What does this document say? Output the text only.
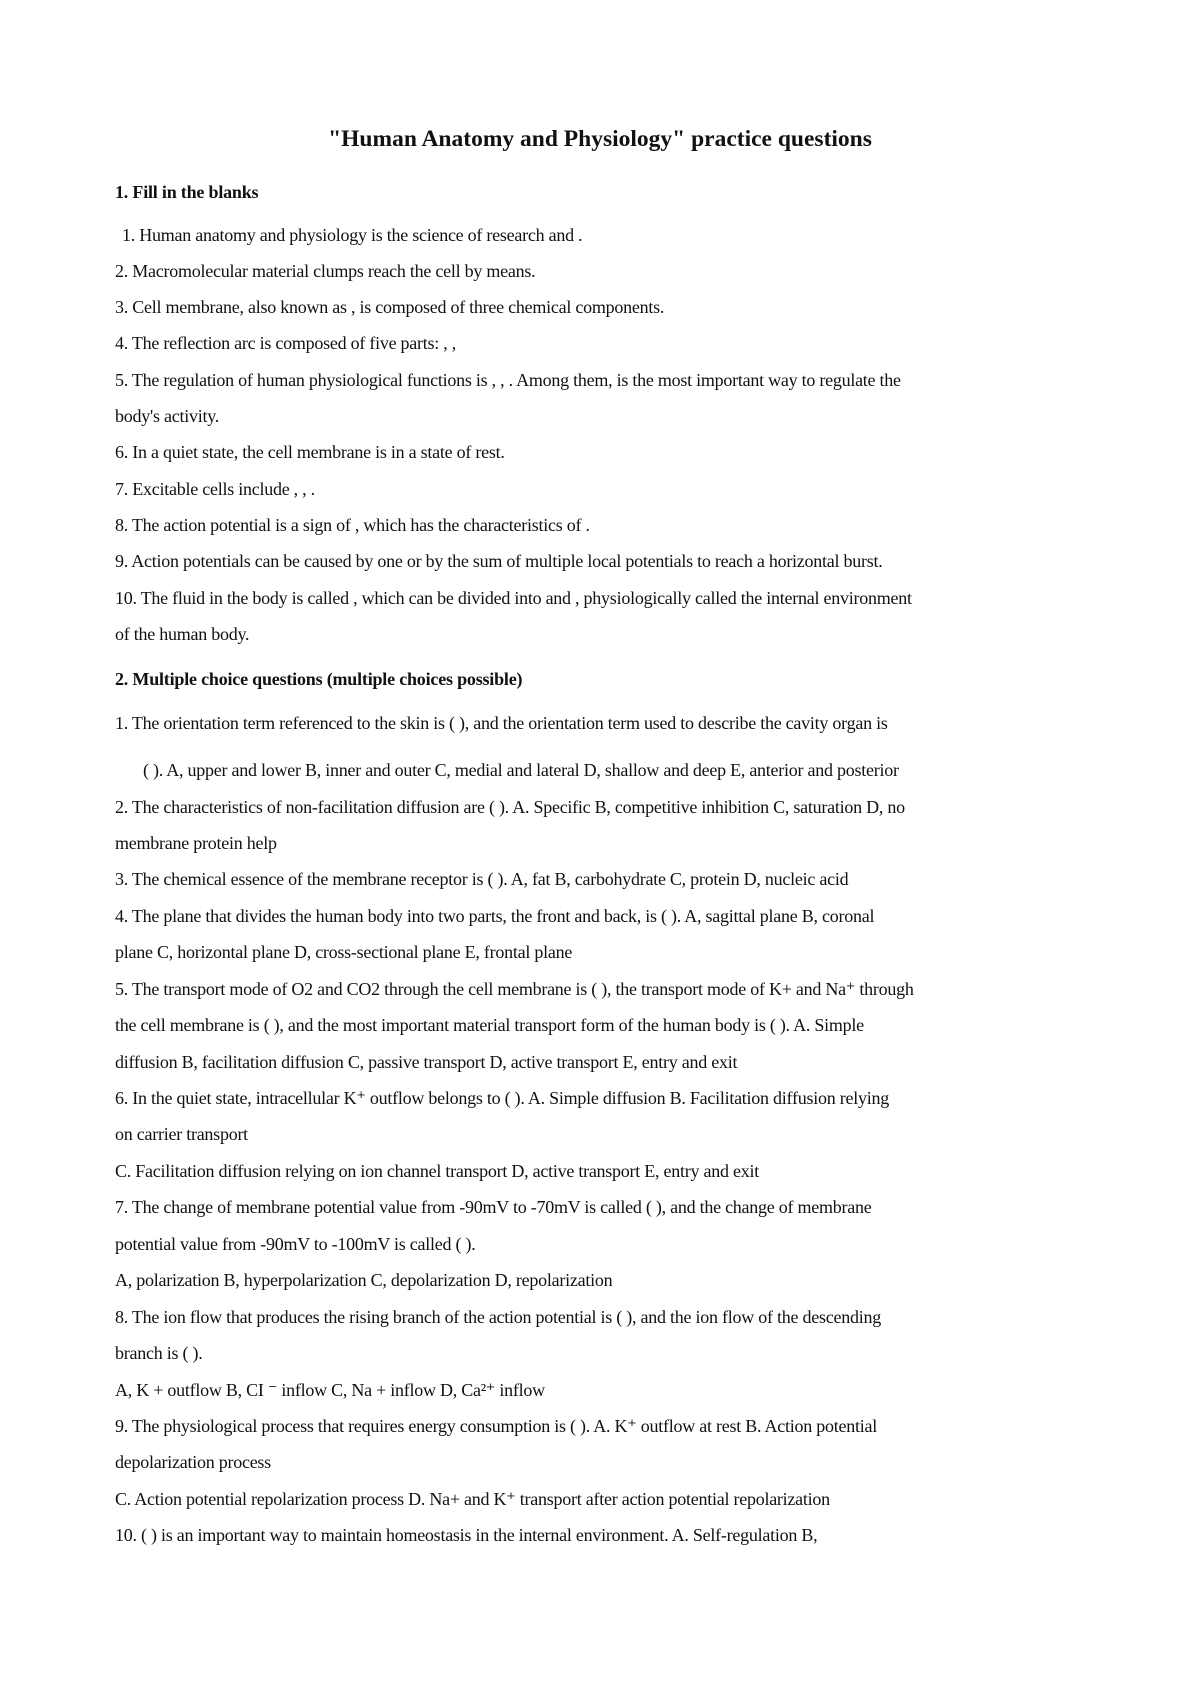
"Human Anatomy and Physiology" practice questions
1. Fill in the blanks
1. Human anatomy and physiology is the science of research and .
2. Macromolecular material clumps reach the cell by means.
3. Cell membrane, also known as , is composed of three chemical components.
4. The reflection arc is composed of five parts: , ,
5. The regulation of human physiological functions is , , . Among them, is the most important way to regulate the
body's activity.
6. In a quiet state, the cell membrane is in a state of rest.
7. Excitable cells include , , .
8. The action potential is a sign of , which has the characteristics of .
9. Action potentials can be caused by one or by the sum of multiple local potentials to reach a horizontal burst.
10. The fluid in the body is called , which can be divided into and , physiologically called the internal environment
of the human body.
2. Multiple choice questions (multiple choices possible)
1. The orientation term referenced to the skin is ( ), and the orientation term used to describe the cavity organ is
( ). A, upper and lower B, inner and outer C, medial and lateral D, shallow and deep E, anterior and posterior
2. The characteristics of non-facilitation diffusion are ( ). A. Specific B, competitive inhibition C, saturation D, no
membrane protein help
3. The chemical essence of the membrane receptor is ( ). A, fat B, carbohydrate C, protein D, nucleic acid
4. The plane that divides the human body into two parts, the front and back, is ( ). A, sagittal plane B, coronal
plane C, horizontal plane D, cross-sectional plane E, frontal plane
5. The transport mode of O2 and CO2 through the cell membrane is ( ), the transport mode of K+ and Na⁺ through
the cell membrane is ( ), and the most important material transport form of the human body is ( ). A. Simple
diffusion B, facilitation diffusion C, passive transport D, active transport E, entry and exit
6. In the quiet state, intracellular K⁺ outflow belongs to ( ). A. Simple diffusion B. Facilitation diffusion relying
on carrier transport
C. Facilitation diffusion relying on ion channel transport D, active transport E, entry and exit
7. The change of membrane potential value from -90mV to -70mV is called ( ), and the change of membrane
potential value from -90mV to -100mV is called ( ).
A, polarization B, hyperpolarization C, depolarization D, repolarization
8. The ion flow that produces the rising branch of the action potential is ( ), and the ion flow of the descending
branch is ( ).
A, K + outflow B, CI ⁻ inflow C, Na + inflow D, Ca²⁺ inflow
9. The physiological process that requires energy consumption is ( ). A. K⁺ outflow at rest B. Action potential
depolarization process
C. Action potential repolarization process D. Na+ and K⁺ transport after action potential repolarization
10. ( ) is an important way to maintain homeostasis in the internal environment. A. Self-regulation B,
